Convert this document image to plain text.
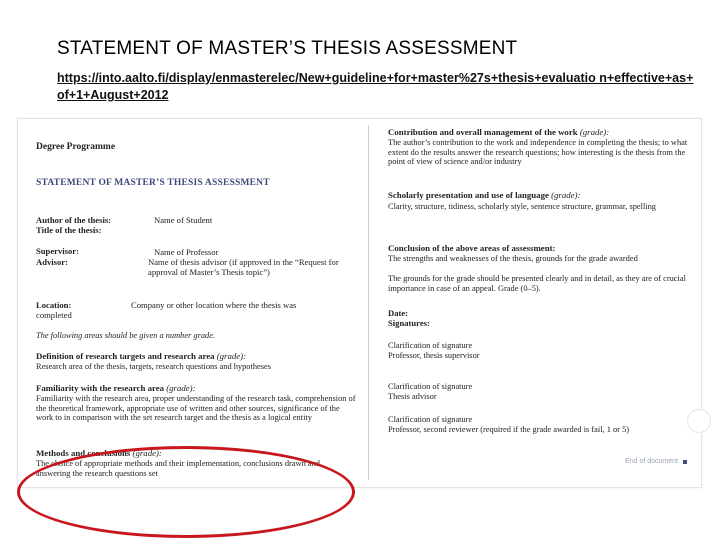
STATEMENT OF MASTER’S THESIS ASSESSMENT
https://into.aalto.fi/display/enmasterelec/New+guideline+for+master%27s+thesis+evaluatio n+effective+as+of+1+August+2012
Degree Programme
STATEMENT OF MASTER’S THESIS ASSESSMENT
Author of the thesis:	Name of Student
Title of the thesis:
Supervisor:	Name of Professor
Advisor:	Name of thesis advisor (if approved in the “Request for approval of Master’s Thesis topic”)
Location:	Company or other location where the thesis was
completed
The following areas should be given a number grade.
Definition of research targets and research area (grade):
Research area of the thesis, targets, research questions and hypotheses
Familiarity with the research area (grade):
Familiarity with the research area, proper understanding of the research task, comprehension of the theoretical framework, appropriate use of written and other sources, significance of the work to in comparison with the set research target and the thesis as a logical entity
Methods and conclusions (grade):
The choice of appropriate methods and their implementation, conclusions drawn and answering the research questions set
Contribution and overall management of the work (grade):
The author’s contribution to the work and independence in completing the thesis; to what extent do the results answer the research questions; how interesting is the thesis from the point of view of science and/or industry
Scholarly presentation and use of language (grade):
Clarity, structure, tidiness, scholarly style, sentence structure, grammar, spelling
Conclusion of the above areas of assessment:
The strengths and weaknesses of the thesis, grounds for the grade awarded
The grounds for the grade should be presented clearly and in detail, as they are of crucial importance in case of an appeal. Grade (0–5).
Date:
Signatures:
Clarification of signature
Professor, thesis supervisor
Clarification of signature
Thesis advisor
Clarification of signature
Professor, second reviewer (required if the grade awarded is fail, 1 or 5)
End of document
